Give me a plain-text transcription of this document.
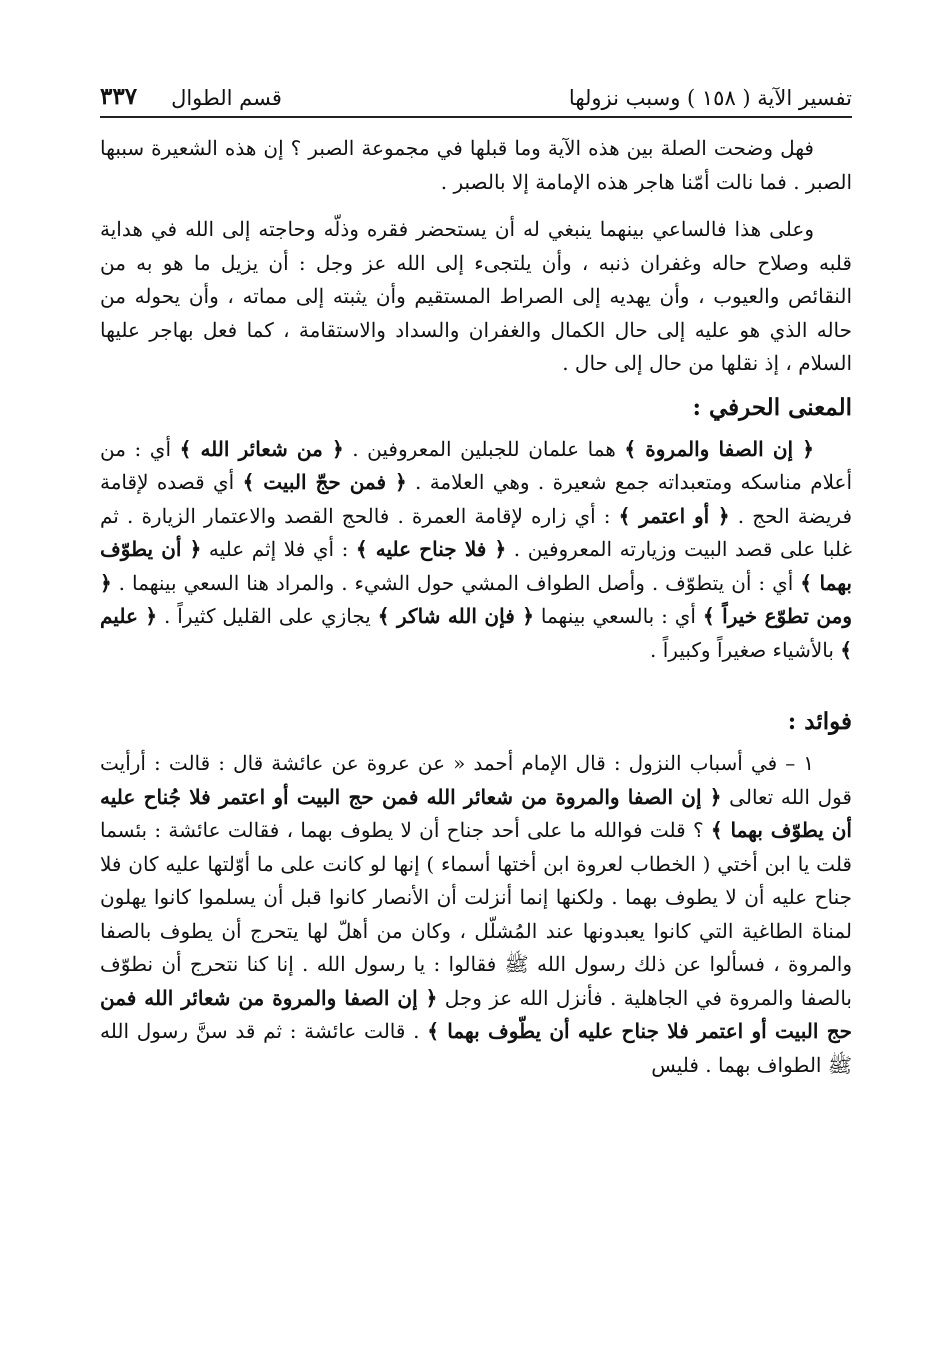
تفسير الآية ( ١٥٨ ) وسبب نزولها
قسم الطوال
٣٣٧

فهل وضحت الصلة بين هذه الآية وما قبلها في مجموعة الصبر ؟ إن هذه الشعيرة سببها الصبر . فما نالت أمّنا هاجر هذه الإمامة إلا بالصبر .

وعلى هذا فالساعي بينهما ينبغي له أن يستحضر فقره وذلّه وحاجته إلى الله في هداية قلبه وصلاح حاله وغفران ذنبه ، وأن يلتجىء إلى الله عز وجل : أن يزيل ما هو به من النقائص والعيوب ، وأن يهديه إلى الصراط المستقيم وأن يثبته إلى مماته ، وأن يحوله من حاله الذي هو عليه إلى حال الكمال والغفران والسداد والاستقامة ، كما فعل بهاجر عليها السلام ، إذ نقلها من حال إلى حال .

المعنى الحرفي :

﴿ إن الصفا والمروة ﴾ هما علمان للجبلين المعروفين . ﴿ من شعائر الله ﴾ أي : من أعلام مناسكه ومتعبداته جمع شعيرة . وهي العلامة . ﴿ فمن حجّ البيت ﴾ أي قصده لإقامة فريضة الحج . ﴿ أو اعتمر ﴾ : أي زاره لإقامة العمرة . فالحج القصد والاعتمار الزيارة . ثم غلبا على قصد البيت وزيارته المعروفين . ﴿ فلا جناح عليه ﴾ : أي فلا إثم عليه ﴿ أن يطوّف بهما ﴾ أي : أن يتطوّف . وأصل الطواف المشي حول الشيء . والمراد هنا السعي بينهما . ﴿ ومن تطوّع خيراً ﴾ أي : بالسعي بينهما ﴿ فإن الله شاكر ﴾ يجازي على القليل كثيراً . ﴿ عليم ﴾ بالأشياء صغيراً وكبيراً .

فوائد :

١ – في أسباب النزول : قال الإمام أحمد « عن عروة عن عائشة قال : قالت : أرأيت قول الله تعالى ﴿ إن الصفا والمروة من شعائر الله فمن حج البيت أو اعتمر فلا جُناح عليه أن يطوّف بهما ﴾ ؟ قلت فوالله ما على أحد جناح أن لا يطوف بهما ، فقالت عائشة : بئسما قلت يا ابن أختي ( الخطاب لعروة ابن أختها أسماء ) إنها لو كانت على ما أوّلتها عليه كان فلا جناح عليه أن لا يطوف بهما . ولكنها إنما أنزلت أن الأنصار كانوا قبل أن يسلموا كانوا يهلون لمناة الطاغية التي كانوا يعبدونها عند المُشلّل ، وكان من أهلّ لها يتحرج أن يطوف بالصفا والمروة ، فسألوا عن ذلك رسول الله ﷺ فقالوا : يا رسول الله . إنا كنا نتحرج أن نطوّف بالصفا والمروة في الجاهلية . فأنزل الله عز وجل ﴿ إن الصفا والمروة من شعائر الله فمن حج البيت أو اعتمر فلا جناح عليه أن يطّوف بهما ﴾ . قالت عائشة : ثم قد سنَّ رسول الله ﷺ الطواف بهما . فليس
